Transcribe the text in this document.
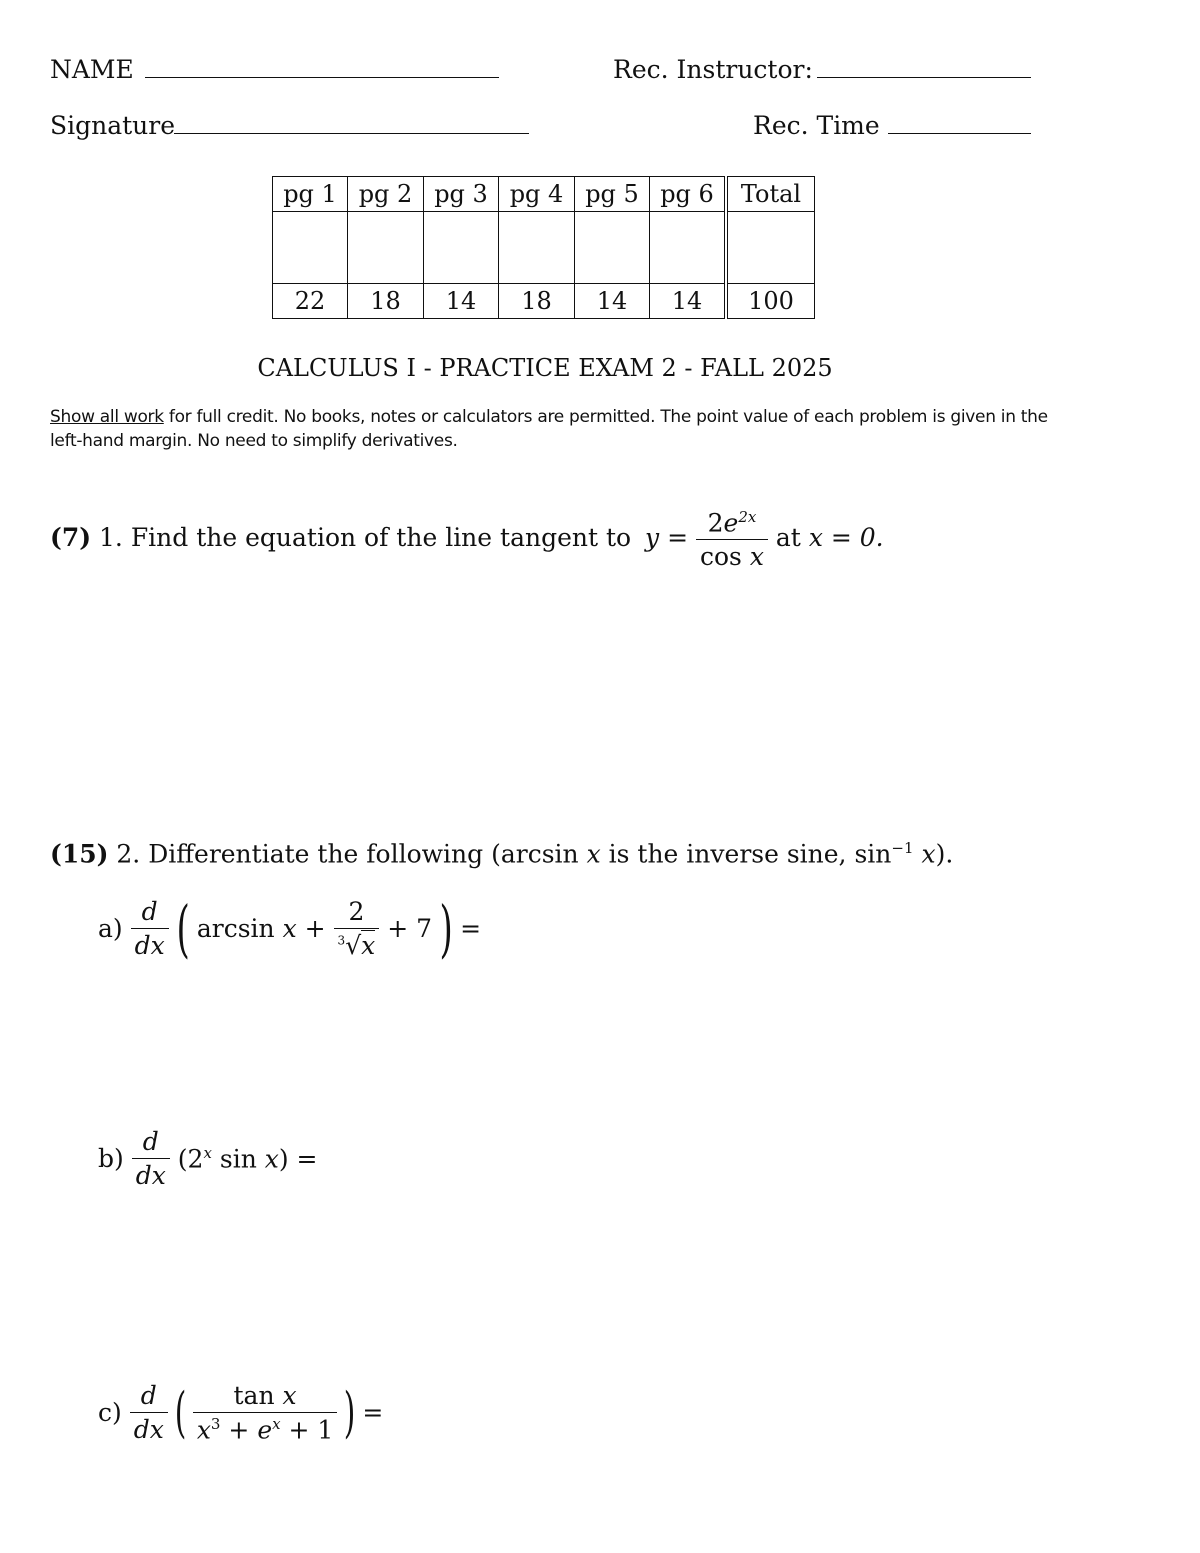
NAME	Rec. Instructor:
Signature	Rec. Time
pg 1	pg 2	pg 3	pg 4	pg 5	pg 6	Total

22	18	14	18	14	14	100
CALCULUS I - PRACTICE EXAM 2 - FALL 2025
Show all work for full credit. No books, notes or calculators are permitted. The point value of each problem is given in the left-hand margin. No need to simplify derivatives.
(7) 1. Find the equation of the line tangent to $y = \frac{2e^{2x}}{\text{cos x}}$ at x = 0.
(15) 2. Differentiate the following (arcsin x is the inverse sine, $\sin^{-1} x$).
$a) \frac{d}{dx}$ ( $\arcsin x + \frac{2}{^3√x} + 7$ ) =
$b) \frac{d}{dx} (2^x$ sin x) =
$c) \frac{d}{dx}$ ( $\frac{\text{tan x}}{x^3 + e^x + 1}$ ) =
